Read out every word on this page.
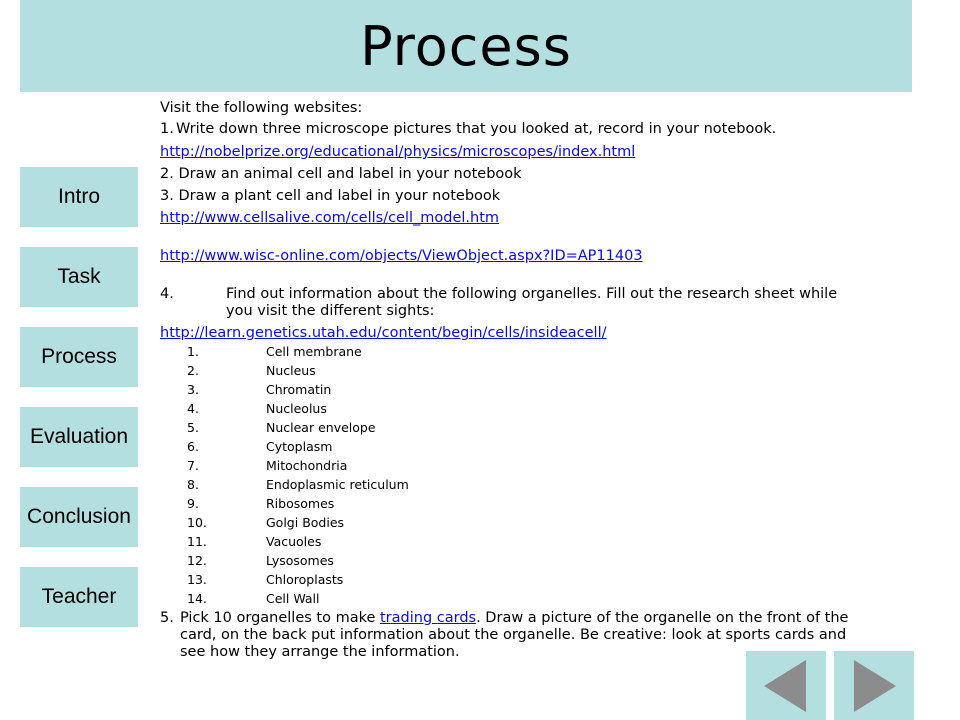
Process
Intro
Task
Process
Evaluation
Conclusion
Teacher

Visit the following websites:

1. Write down three microscope pictures that you looked at, record in your notebook.

http://nobelprize.org/educational/physics/microscopes/index.html

2. Draw an animal cell and label in your notebook

3. Draw a plant cell and label in your notebook

http://www.cellsalive.com/cells/cell_model.htm

http://www.wisc-online.com/objects/ViewObject.aspx?ID=AP11403

4.	Find out information about the following organelles. Fill out the research sheet while you visit the different sights:

http://learn.genetics.utah.edu/content/begin/cells/insideacell/

1.	Cell membrane
2.	Nucleus
3.	Chromatin
4.	Nucleolus
5.	Nuclear envelope
6.	Cytoplasm
7.	Mitochondria
8.	Endoplasmic reticulum
9.	Ribosomes
10.	Golgi Bodies
11.	Vacuoles
12.	Lysosomes
13.	Chloroplasts
14.	Cell Wall

5. Pick 10 organelles to make trading cards. Draw a picture of the organelle on the front of the card, on the back put information about the organelle. Be creative: look at sports cards and see how they arrange the information.
